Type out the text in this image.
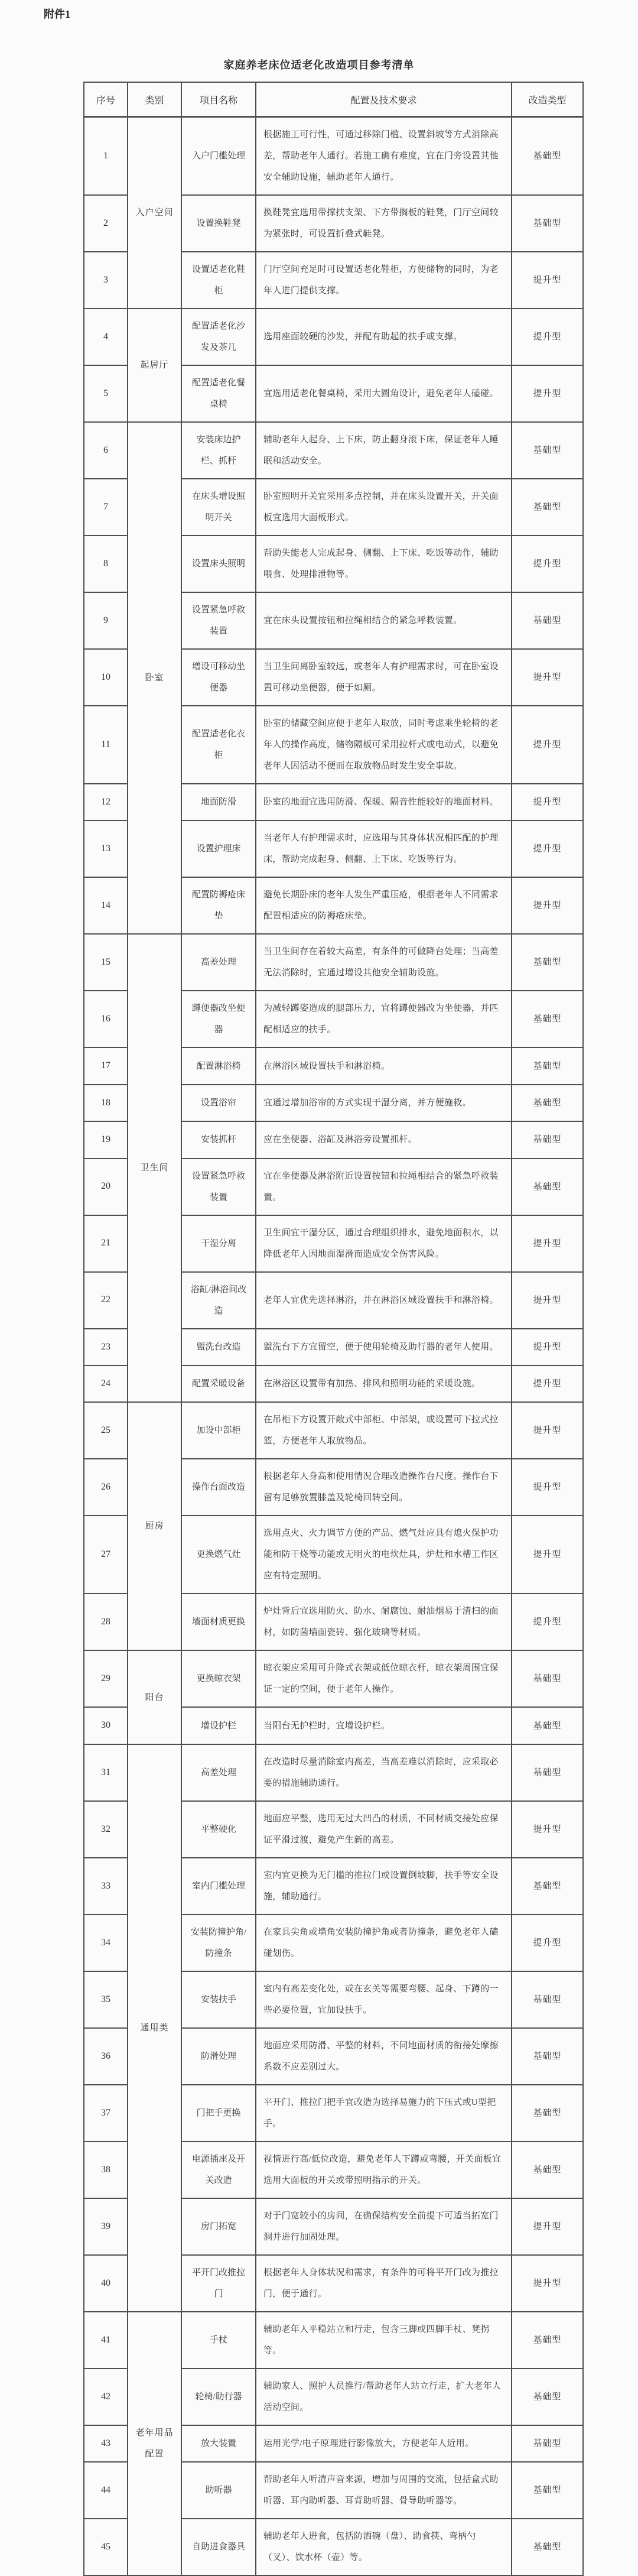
附件1
家庭养老床位适老化改造项目参考清单
序号	类别	项目名称	配置及技术要求	改造类型
1	入户空间	入户门槛处理	根据施工可行性，可通过移除门槛、设置斜坡等方式消除高差，帮助老年人通行。若施工确有难度，宜在门旁设置其他安全辅助设施，辅助老年人通行。	基础型
2		设置换鞋凳	换鞋凳宜选用带撑扶支架、下方带搁板的鞋凳，门厅空间较为紧张时，可设置折叠式鞋凳。	基础型
3		设置适老化鞋柜	门厅空间充足时可设置适老化鞋柜，方便储物的同时，为老年人进门提供支撑。	提升型
4	起居厅	配置适老化沙发及茶几	选用座面较硬的沙发，并配有助起的扶手或支撑。	提升型
5		配置适老化餐桌椅	宜选用适老化餐桌椅，采用大圆角设计，避免老年人磕碰。	提升型
6	卧室	安装床边护栏、抓杆	辅助老年人起身、上下床，防止翻身滚下床，保证老年人睡眠和活动安全。	基础型
7		在床头增设照明开关	卧室照明开关宜采用多点控制，并在床头设置开关，开关面板宜选用大面板形式。	基础型
8		设置床头照明	帮助失能老人完成起身、侧翻、上下床、吃饭等动作，辅助喂食、处理排泄物等。	提升型
9		设置紧急呼救装置	宜在床头设置按钮和拉绳相结合的紧急呼救装置。	基础型
10		增设可移动坐便器	当卫生间离卧室较远，或老年人有护理需求时，可在卧室设置可移动坐便器，便于如厕。	提升型
11		配置适老化衣柜	卧室的储藏空间应便于老年人取放，同时考虑乘坐轮椅的老年人的操作高度，储物隔板可采用拉杆式或电动式，以避免老年人因活动不便而在取放物品时发生安全事故。	提升型
12		地面防滑	卧室的地面宜选用防滑、保暖、隔音性能较好的地面材料。	提升型
13		设置护理床	当老年人有护理需求时，应选用与其身体状况相匹配的护理床，帮助完成起身、侧翻、上下床、吃饭等行为。	提升型
14		配置防褥疮床垫	避免长期卧床的老年人发生严重压疮，根据老年人不同需求配置相适应的防褥疮床垫。	提升型
15	卫生间	高差处理	当卫生间存在着较大高差，有条件的可做降台处理；当高差无法消除时，宜通过增设其他安全辅助设施。	基础型
16		蹲便器改坐便器	为减轻蹲姿造成的腿部压力，宜将蹲便器改为坐便器，并匹配相适应的扶手。	基础型
17		配置淋浴椅	在淋浴区域设置扶手和淋浴椅。	基础型
18		设置浴帘	宜通过增加浴帘的方式实现干湿分离，并方便施救。	基础型
19		安装抓杆	应在坐便器、浴缸及淋浴旁设置抓杆。	基础型
20		设置紧急呼救装置	宜在坐便器及淋浴附近设置按钮和拉绳相结合的紧急呼救装置。	基础型
21		干湿分离	卫生间宜干湿分区，通过合理组织排水，避免地面积水，以降低老年人因地面湿滑而造成安全伤害风险。	提升型
22		浴缸/淋浴间改造	老年人宜优先选择淋浴，并在淋浴区域设置扶手和淋浴椅。	提升型
23		盥洗台改造	盥洗台下方宜留空，便于使用轮椅及助行器的老年人使用。	提升型
24		配置采暖设备	在淋浴区设置带有加热、排风和照明功能的采暖设施。	提升型
25	厨房	加设中部柜	在吊柜下方设置开敞式中部柜、中部架，或设置可下拉式拉篮，方便老年人取放物品。	提升型
26		操作台面改造	根据老年人身高和使用情况合理改造操作台尺度。操作台下留有足够放置膝盖及轮椅回转空间。	提升型
27		更换燃气灶	选用点火、火力调节方便的产品、燃气灶应具有熄火保护功能和防干烧等功能或无明火的电炊灶具，炉灶和水槽工作区应有特定照明。	提升型
28		墙面材质更换	炉灶背后宜选用防火、防水、耐腐蚀、耐油烟易于清扫的面材，如防菌墙面瓷砖、强化玻璃等材质。	提升型
29	阳台	更换晾衣架	晾衣架应采用可升降式衣架或低位晾衣杆，晾衣架周围宜保证一定的空间，便于老年人操作。	基础型
30		增设护栏	当阳台无护栏时，宜增设护栏。	基础型
31	通用类	高差处理	在改造时尽量消除室内高差，当高差难以消除时，应采取必要的措施辅助通行。	基础型
32		平整硬化	地面应平整，选用无过大凹凸的材质，不同材质交接处应保证平滑过渡，避免产生新的高差。	提升型
33		室内门槛处理	室内宜更换为无门槛的推拉门或设置倒坡脚，扶手等安全设施，辅助通行。	基础型
34		安装防撞护角/防撞条	在家具尖角或墙角安装防撞护角或者防撞条，避免老年人磕碰划伤。	提升型
35		安装扶手	室内有高差变化处，或在玄关等需要弯腰、起身、下蹲的一些必要位置，宜加设扶手。	基础型
36		防滑处理	地面应采用防滑、平整的材料，不同地面材质的衔接处摩擦系数不应差别过大。	基础型
37		门把手更换	平开门、推拉门把手宜改造为选择易施力的下压式或U型把手。	基础型
38		电源插座及开关改造	视情进行高/低位改造，避免老年人下蹲或弯腰，开关面板宜选用大面板的开关或带照明指示的开关。	基础型
39		房门拓宽	对于门宽较小的房间，在确保结构安全前提下可适当拓宽门洞并进行加固处理。	提升型
40		平开门改推拉门	根据老年人身体状况和需求，有条件的可将平开门改为推拉门，便于通行。	提升型
41	老年用品配置	手杖	辅助老年人平稳站立和行走，包含三脚或四脚手杖、凳拐等。	基础型
42		轮椅/助行器	辅助家人、照护人员推行/帮助老年人站立行走，扩大老年人活动空间。	基础型
43		放大装置	运用光学/电子原理进行影像放大，方便老年人近用。	基础型
44		助听器	帮助老年人听清声音来源，增加与周围的交流，包括盒式助听器、耳内助听器、耳背助听器、骨导助听器等。	基础型
45		自助进食器具	辅助老年人进食，包括防洒碗（盘）、助食筷、弯柄勺（叉）、饮水杯（壶）等。	基础型
